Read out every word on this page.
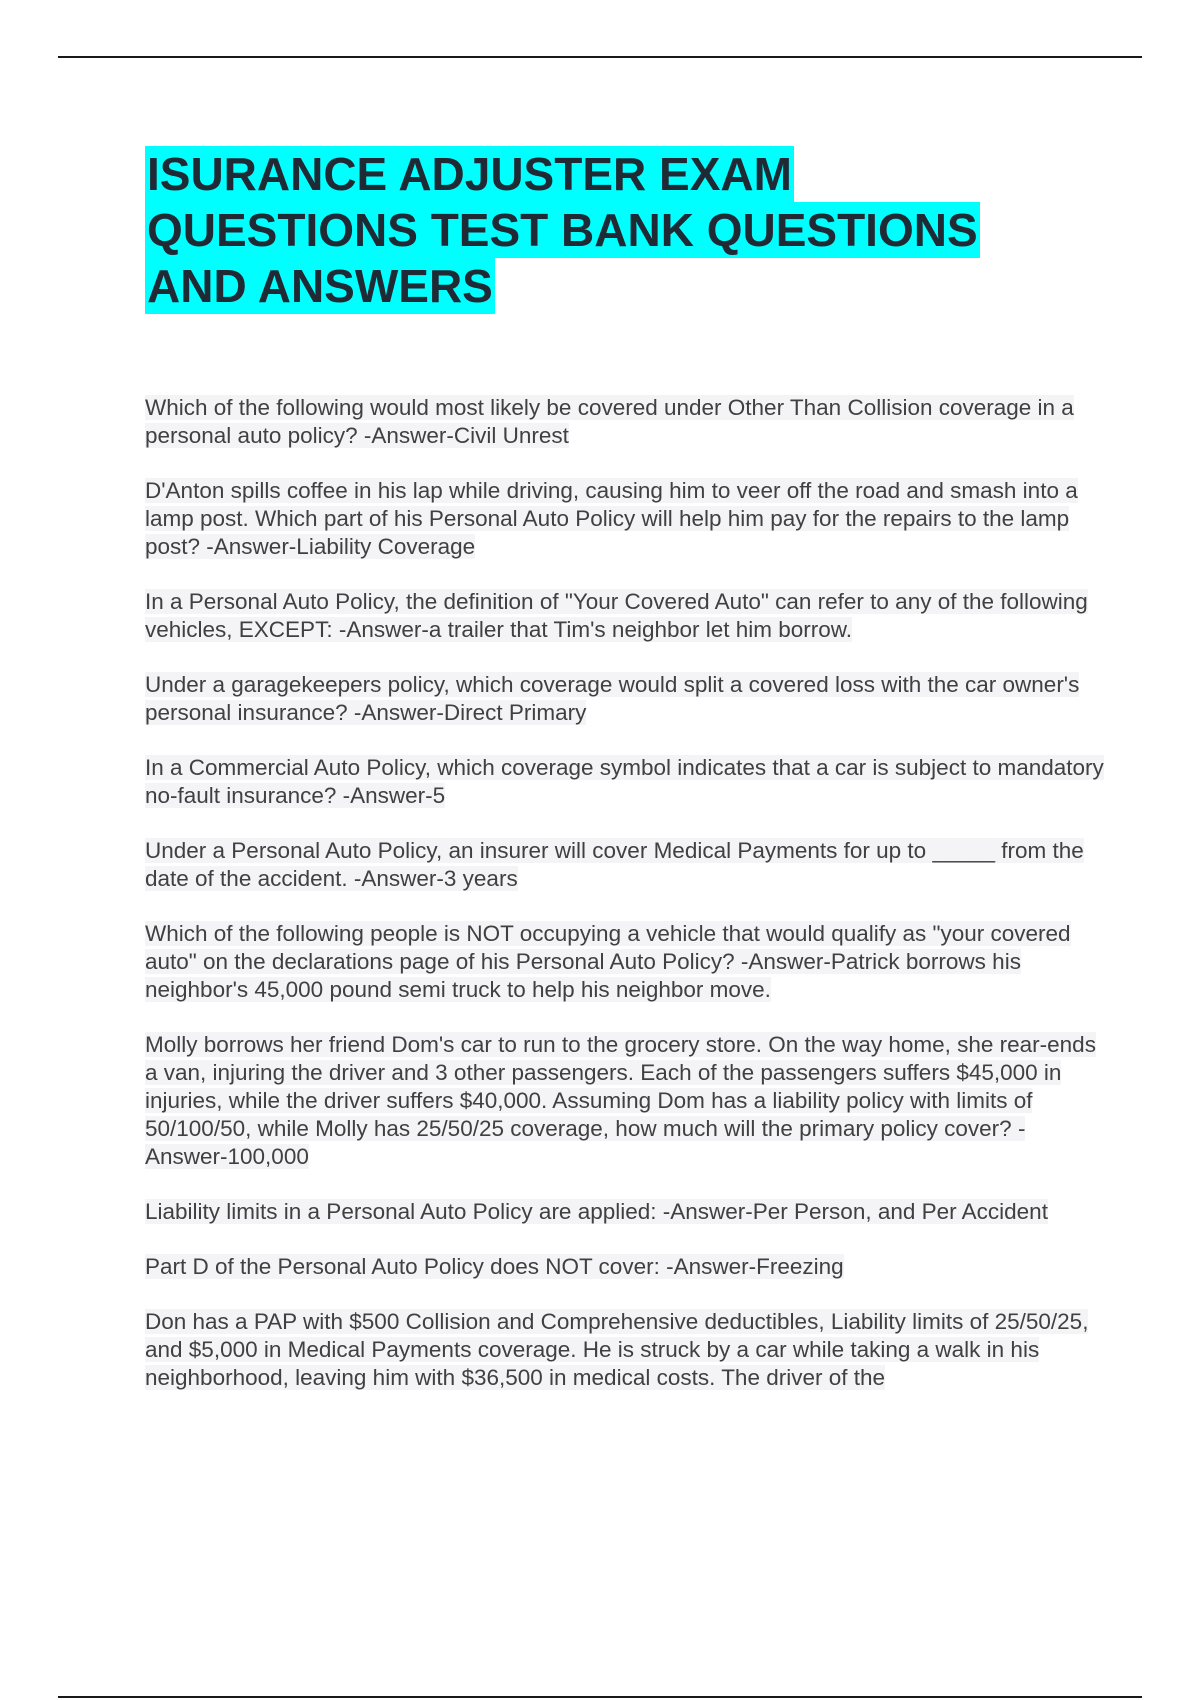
ISURANCE ADJUSTER EXAM
QUESTIONS TEST BANK QUESTIONS
AND ANSWERS

Which of the following would most likely be covered under Other Than Collision coverage in a personal auto policy? -Answer-Civil Unrest

D'Anton spills coffee in his lap while driving, causing him to veer off the road and smash into a lamp post. Which part of his Personal Auto Policy will help him pay for the repairs to the lamp post? -Answer-Liability Coverage

In a Personal Auto Policy, the definition of "Your Covered Auto" can refer to any of the following vehicles, EXCEPT: -Answer-a trailer that Tim's neighbor let him borrow.

Under a garagekeepers policy, which coverage would split a covered loss with the car owner's personal insurance? -Answer-Direct Primary

In a Commercial Auto Policy, which coverage symbol indicates that a car is subject to mandatory no-fault insurance? -Answer-5

Under a Personal Auto Policy, an insurer will cover Medical Payments for up to _____ from the date of the accident. -Answer-3 years

Which of the following people is NOT occupying a vehicle that would qualify as "your covered auto" on the declarations page of his Personal Auto Policy? -Answer-Patrick borrows his neighbor's 45,000 pound semi truck to help his neighbor move.

Molly borrows her friend Dom's car to run to the grocery store. On the way home, she rear-ends a van, injuring the driver and 3 other passengers. Each of the passengers suffers $45,000 in injuries, while the driver suffers $40,000. Assuming Dom has a liability policy with limits of 50/100/50, while Molly has 25/50/25 coverage, how much will the primary policy cover? -Answer-100,000

Liability limits in a Personal Auto Policy are applied: -Answer-Per Person, and Per Accident

Part D of the Personal Auto Policy does NOT cover: -Answer-Freezing

Don has a PAP with $500 Collision and Comprehensive deductibles, Liability limits of 25/50/25, and $5,000 in Medical Payments coverage. He is struck by a car while taking a walk in his neighborhood, leaving him with $36,500 in medical costs. The driver of the
